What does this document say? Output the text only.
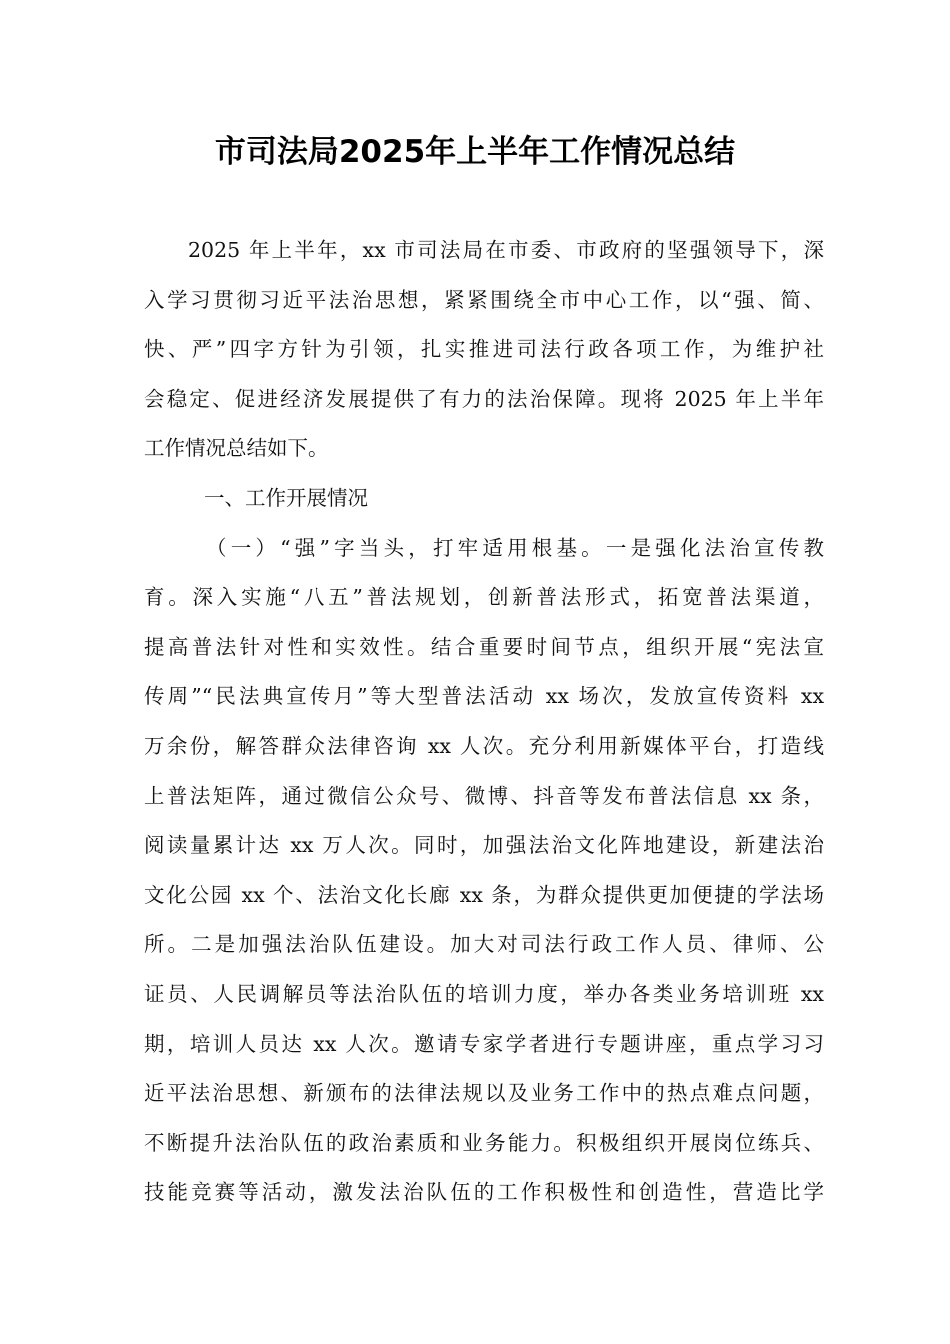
市司法局2025年上半年工作情况总结
2025 年上半年，xx 市司法局在市委、市政府的坚强领导下，深
入学习贯彻习近平法治思想，紧紧围绕全市中心工作，以“强、简、
快、严”四字方针为引领，扎实推进司法行政各项工作，为维护社
会稳定、促进经济发展提供了有力的法治保障。现将 2025 年上半年
工作情况总结如下。
一、工作开展情况
（一）“强”字当头，打牢适用根基。一是强化法治宣传教
育。深入实施“八五”普法规划，创新普法形式，拓宽普法渠道，
提高普法针对性和实效性。结合重要时间节点，组织开展“宪法宣
传周”“民法典宣传月”等大型普法活动 xx 场次，发放宣传资料 xx
万余份，解答群众法律咨询 xx 人次。充分利用新媒体平台，打造线
上普法矩阵，通过微信公众号、微博、抖音等发布普法信息 xx 条，
阅读量累计达 xx 万人次。同时，加强法治文化阵地建设，新建法治
文化公园 xx 个、法治文化长廊 xx 条，为群众提供更加便捷的学法场
所。二是加强法治队伍建设。加大对司法行政工作人员、律师、公
证员、人民调解员等法治队伍的培训力度，举办各类业务培训班 xx
期，培训人员达 xx 人次。邀请专家学者进行专题讲座，重点学习习
近平法治思想、新颁布的法律法规以及业务工作中的热点难点问题，
不断提升法治队伍的政治素质和业务能力。积极组织开展岗位练兵、
技能竞赛等活动，激发法治队伍的工作积极性和创造性，营造比学
